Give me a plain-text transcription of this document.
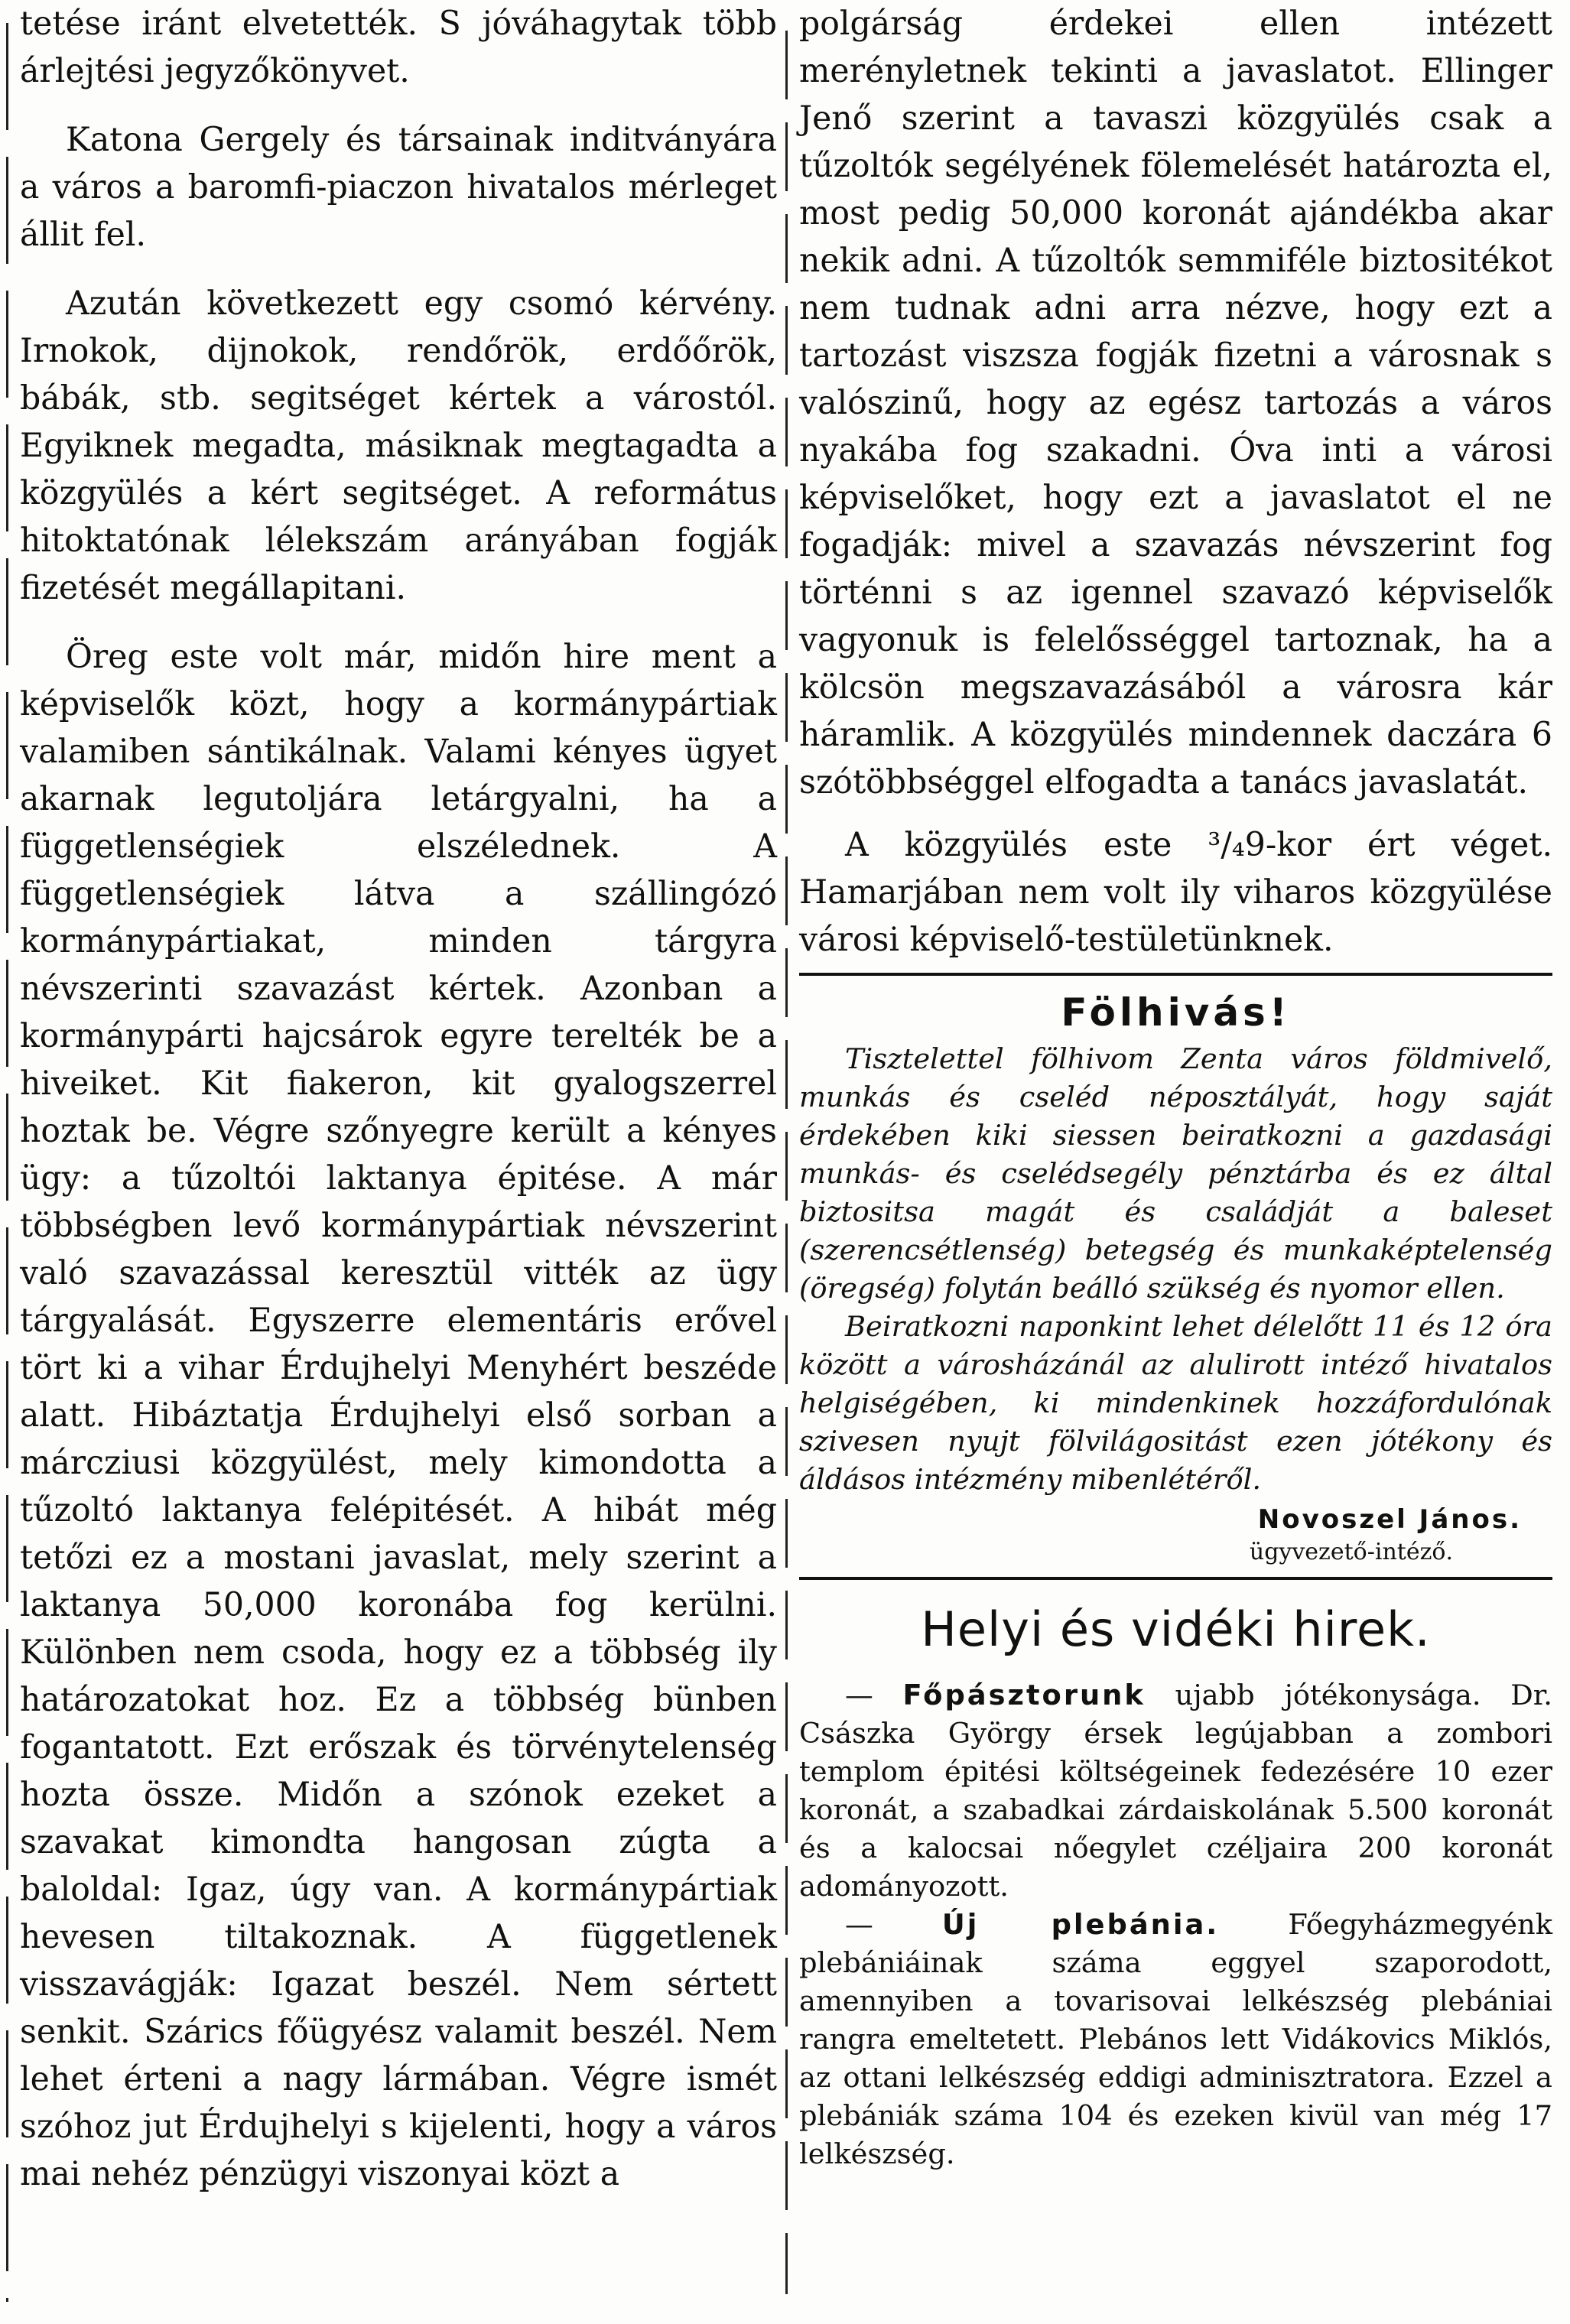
tetése iránt elvetették. S jóváhagytak több árlejtési jegyzőkönyvet.

Katona Gergely és társainak inditványára a város a baromfi-piaczon hivatalos mérleget állit fel.

Azután következett egy csomó kérvény. Irnokok, dijnokok, rendőrök, erdőőrök, bábák, stb. segitséget kértek a várostól. Egyiknek megadta, másiknak megtagadta a közgyülés a kért segitséget. A református hitoktatónak lélekszám arányában fogják fizetését megállapitani.

Öreg este volt már, midőn hire ment a képviselők közt, hogy a kormánypártiak valamiben sántikálnak. Valami kényes ügyet akarnak legutoljára letárgyalni, ha a függetlenségiek elszélednek. A függetlenségiek látva a szállingózó kormánypártiakat, minden tárgyra névszerinti szavazást kértek. Azonban a kormánypárti hajcsárok egyre terelték be a hiveiket. Kit fiakeron, kit gyalogszerrel hoztak be. Végre szőnyegre került a kényes ügy: a tűzoltói laktanya épitése. A már többségben levő kormánypártiak névszerint való szavazással keresztül vitték az ügy tárgyalását. Egyszerre elementáris erővel tört ki a vihar Érdujhelyi Menyhért beszéde alatt. Hibáztatja Érdujhelyi első sorban a márcziusi közgyülést, mely kimondotta a tűzoltó laktanya felépitését. A hibát még tetőzi ez a mostani javaslat, mely szerint a laktanya 50,000 koronába fog kerülni. Különben nem csoda, hogy ez a többség ily határozatokat hoz. Ez a többség bünben fogantatott. Ezt erőszak és törvénytelenség hozta össze. Midőn a szónok ezeket a szavakat kimondta hangosan zúgta a baloldal: Igaz, úgy van. A kormánypártiak hevesen tiltakoznak. A függetlenek visszavágják: Igazat beszél. Nem sértett senkit. Szárics főügyész valamit beszél. Nem lehet érteni a nagy lármában. Végre ismét szóhoz jut Érdujhelyi s kijelenti, hogy a város mai nehéz pénzügyi viszonyai közt a

polgárság érdekei ellen intézett merényletnek tekinti a javaslatot. Ellinger Jenő szerint a tavaszi közgyülés csak a tűzoltók segélyének fölemelését határozta el, most pedig 50,000 koronát ajándékba akar nekik adni. A tűzoltók semmiféle biztositékot nem tudnak adni arra nézve, hogy ezt a tartozást viszsza fogják fizetni a városnak s valószinű, hogy az egész tartozás a város nyakába fog szakadni. Óva inti a városi képviselőket, hogy ezt a javaslatot el ne fogadják: mivel a szavazás névszerint fog történni s az igennel szavazó képviselők vagyonuk is felelősséggel tartoznak, ha a kölcsön megszavazásából a városra kár háramlik. A közgyülés mindennek daczára 6 szótöbbséggel elfogadta a tanács javaslatát.

A közgyülés este ³/₄9-kor ért véget. Hamarjában nem volt ily viharos közgyülése városi képviselő-testületünknek.

Fölhivás!

Tisztelettel fölhivom Zenta város földmivelő, munkás és cseléd néposztályát, hogy saját érdekében kiki siessen beiratkozni a gazdasági munkás- és cselédsegély pénztárba és ez által biztositsa magát és családját a baleset (szerencsétlenség) betegség és munkaképtelenség (öregség) folytán beálló szükség és nyomor ellen.

Beiratkozni naponkint lehet délelőtt 11 és 12 óra között a városházánál az alulirott intéző hivatalos helgiségében, ki mindenkinek hozzáfordulónak szivesen nyujt fölvilágositást ezen jótékony és áldásos intézmény mibenlétéről.

Novoszel János.
ügyvezető-intéző.
Helyi és vidéki hirek.

— Főpásztorunk ujabb jótékonysága. Dr. Császka György érsek legújabban a zombori templom épitési költségeinek fedezésére 10 ezer koronát, a szabadkai zárdaiskolának 5.500 koronát és a kalocsai nőegylet czéljaira 200 koronát adományozott.

— Új plebánia. Főegyházmegyénk plebániáinak száma eggyel szaporodott, amennyiben a tovarisovai lelkészség plebániai rangra emeltetett. Plebános lett Vidákovics Miklós, az ottani lelkészség eddigi adminisztratora. Ezzel a plebániák száma 104 és ezeken kivül van még 17 lelkészség.
